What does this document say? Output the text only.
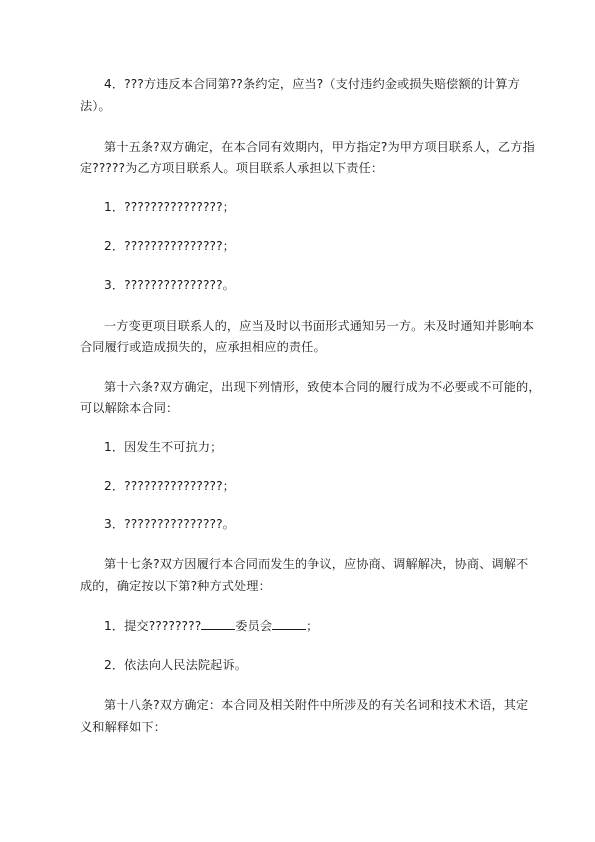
4．???方违反本合同第??条约定，应当?（支付违约金或损失赔偿额的计算方
法）。
第十五条?双方确定，在本合同有效期内，甲方指定?为甲方项目联系人，乙方指
定?????为乙方项目联系人。项目联系人承担以下责任：
1．???????????????；
2．???????????????；
3．???????????????。
一方变更项目联系人的，应当及时以书面形式通知另一方。未及时通知并影响本
合同履行或造成损失的，应承担相应的责任。
第十六条?双方确定，出现下列情形，致使本合同的履行成为不必要或不可能的，
可以解除本合同：
1．因发生不可抗力；
2．???????????????；
3．???????????????。
第十七条?双方因履行本合同而发生的争议，应协商、调解解决，协商、调解不
成的，确定按以下第?种方式处理：
1．提交????????	委员会	；
2．依法向人民法院起诉。
第十八条?双方确定：本合同及相关附件中所涉及的有关名词和技术术语，其定
义和解释如下：
